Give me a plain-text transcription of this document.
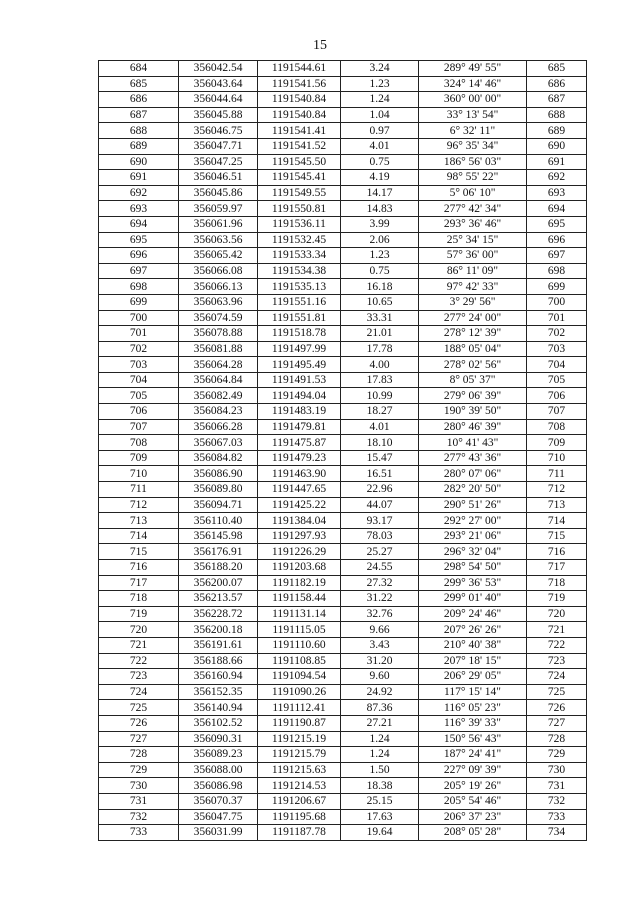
15
684	356042.54	1191544.61	3.24	289° 49' 55"	685
685	356043.64	1191541.56	1.23	324° 14' 46"	686
686	356044.64	1191540.84	1.24	360° 00' 00"	687
687	356045.88	1191540.84	1.04	33° 13' 54"	688
688	356046.75	1191541.41	0.97	6° 32' 11"	689
689	356047.71	1191541.52	4.01	96° 35' 34"	690
690	356047.25	1191545.50	0.75	186° 56' 03"	691
691	356046.51	1191545.41	4.19	98° 55' 22"	692
692	356045.86	1191549.55	14.17	5° 06' 10"	693
693	356059.97	1191550.81	14.83	277° 42' 34"	694
694	356061.96	1191536.11	3.99	293° 36' 46"	695
695	356063.56	1191532.45	2.06	25° 34' 15"	696
696	356065.42	1191533.34	1.23	57° 36' 00"	697
697	356066.08	1191534.38	0.75	86° 11' 09"	698
698	356066.13	1191535.13	16.18	97° 42' 33"	699
699	356063.96	1191551.16	10.65	3° 29' 56"	700
700	356074.59	1191551.81	33.31	277° 24' 00"	701
701	356078.88	1191518.78	21.01	278° 12' 39"	702
702	356081.88	1191497.99	17.78	188° 05' 04"	703
703	356064.28	1191495.49	4.00	278° 02' 56"	704
704	356064.84	1191491.53	17.83	8° 05' 37"	705
705	356082.49	1191494.04	10.99	279° 06' 39"	706
706	356084.23	1191483.19	18.27	190° 39' 50"	707
707	356066.28	1191479.81	4.01	280° 46' 39"	708
708	356067.03	1191475.87	18.10	10° 41' 43"	709
709	356084.82	1191479.23	15.47	277° 43' 36"	710
710	356086.90	1191463.90	16.51	280° 07' 06"	711
711	356089.80	1191447.65	22.96	282° 20' 50"	712
712	356094.71	1191425.22	44.07	290° 51' 26"	713
713	356110.40	1191384.04	93.17	292° 27' 00"	714
714	356145.98	1191297.93	78.03	293° 21' 06"	715
715	356176.91	1191226.29	25.27	296° 32' 04"	716
716	356188.20	1191203.68	24.55	298° 54' 50"	717
717	356200.07	1191182.19	27.32	299° 36' 53"	718
718	356213.57	1191158.44	31.22	299° 01' 40"	719
719	356228.72	1191131.14	32.76	209° 24' 46"	720
720	356200.18	1191115.05	9.66	207° 26' 26"	721
721	356191.61	1191110.60	3.43	210° 40' 38"	722
722	356188.66	1191108.85	31.20	207° 18' 15"	723
723	356160.94	1191094.54	9.60	206° 29' 05"	724
724	356152.35	1191090.26	24.92	117° 15' 14"	725
725	356140.94	1191112.41	87.36	116° 05' 23"	726
726	356102.52	1191190.87	27.21	116° 39' 33"	727
727	356090.31	1191215.19	1.24	150° 56' 43"	728
728	356089.23	1191215.79	1.24	187° 24' 41"	729
729	356088.00	1191215.63	1.50	227° 09' 39"	730
730	356086.98	1191214.53	18.38	205° 19' 26"	731
731	356070.37	1191206.67	25.15	205° 54' 46"	732
732	356047.75	1191195.68	17.63	206° 37' 23"	733
733	356031.99	1191187.78	19.64	208° 05' 28"	734
